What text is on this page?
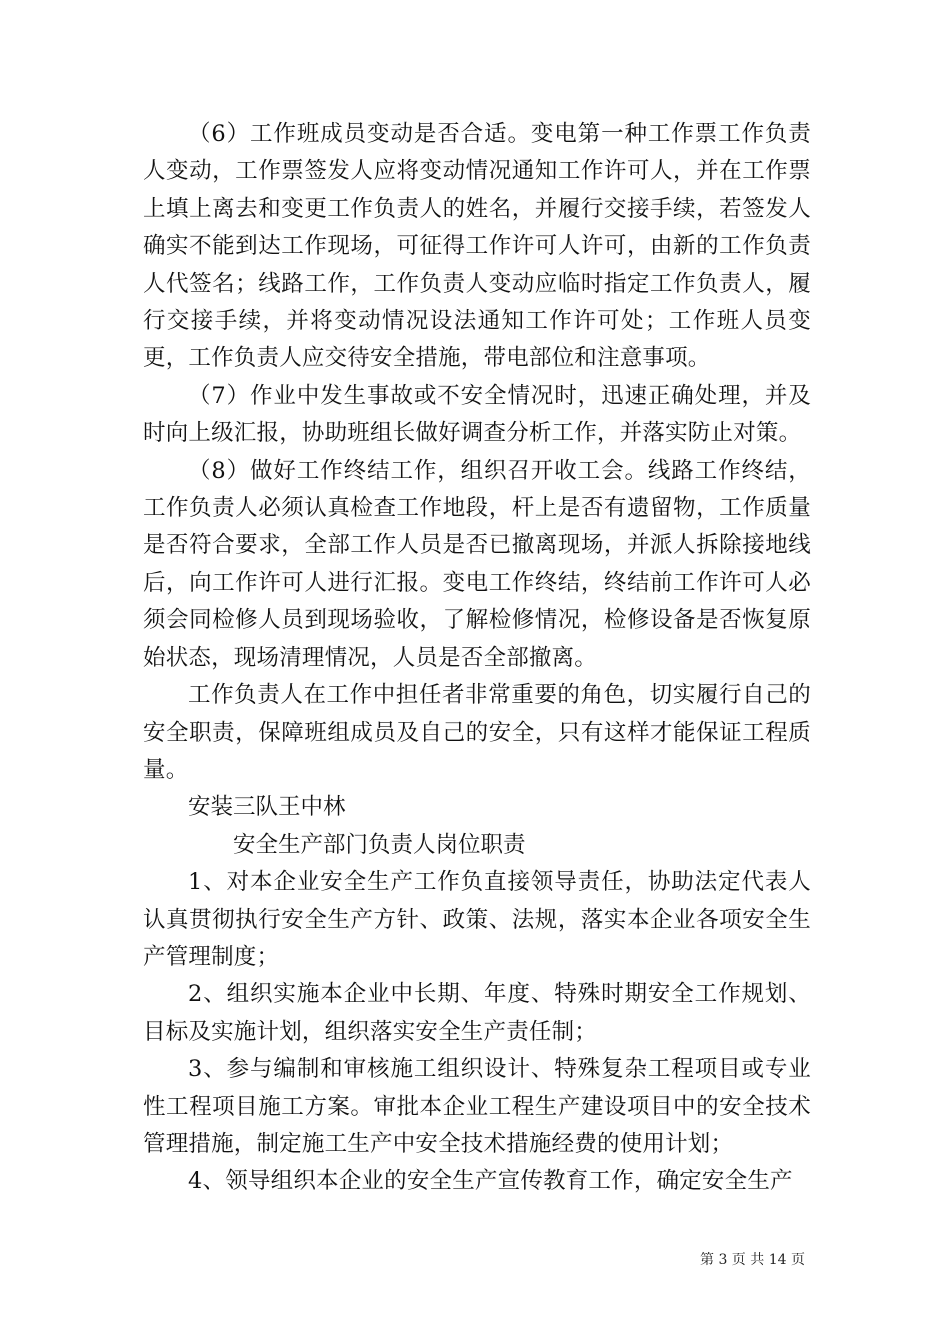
（6）工作班成员变动是否合适。变电第一种工作票工作负责人变动，工作票签发人应将变动情况通知工作许可人，并在工作票上填上离去和变更工作负责人的姓名，并履行交接手续，若签发人确实不能到达工作现场，可征得工作许可人许可，由新的工作负责人代签名；线路工作，工作负责人变动应临时指定工作负责人，履行交接手续，并将变动情况设法通知工作许可处；工作班人员变更，工作负责人应交待安全措施，带电部位和注意事项。

（7）作业中发生事故或不安全情况时，迅速正确处理，并及时向上级汇报，协助班组长做好调查分析工作，并落实防止对策。

（8）做好工作终结工作，组织召开收工会。线路工作终结，工作负责人必须认真检查工作地段，杆上是否有遗留物，工作质量是否符合要求，全部工作人员是否已撤离现场，并派人拆除接地线后，向工作许可人进行汇报。变电工作终结，终结前工作许可人必须会同检修人员到现场验收，了解检修情况，检修设备是否恢复原始状态，现场清理情况，人员是否全部撤离。

工作负责人在工作中担任者非常重要的角色，切实履行自己的安全职责，保障班组成员及自己的安全，只有这样才能保证工程质量。

安装三队王中林

安全生产部门负责人岗位职责

1、对本企业安全生产工作负直接领导责任，协助法定代表人认真贯彻执行安全生产方针、政策、法规，落实本企业各项安全生产管理制度；

2、组织实施本企业中长期、年度、特殊时期安全工作规划、目标及实施计划，组织落实安全生产责任制；

3、参与编制和审核施工组织设计、特殊复杂工程项目或专业性工程项目施工方案。审批本企业工程生产建设项目中的安全技术管理措施，制定施工生产中安全技术措施经费的使用计划；

4、领导组织本企业的安全生产宣传教育工作，确定安全生产

第 3 页 共 14 页
